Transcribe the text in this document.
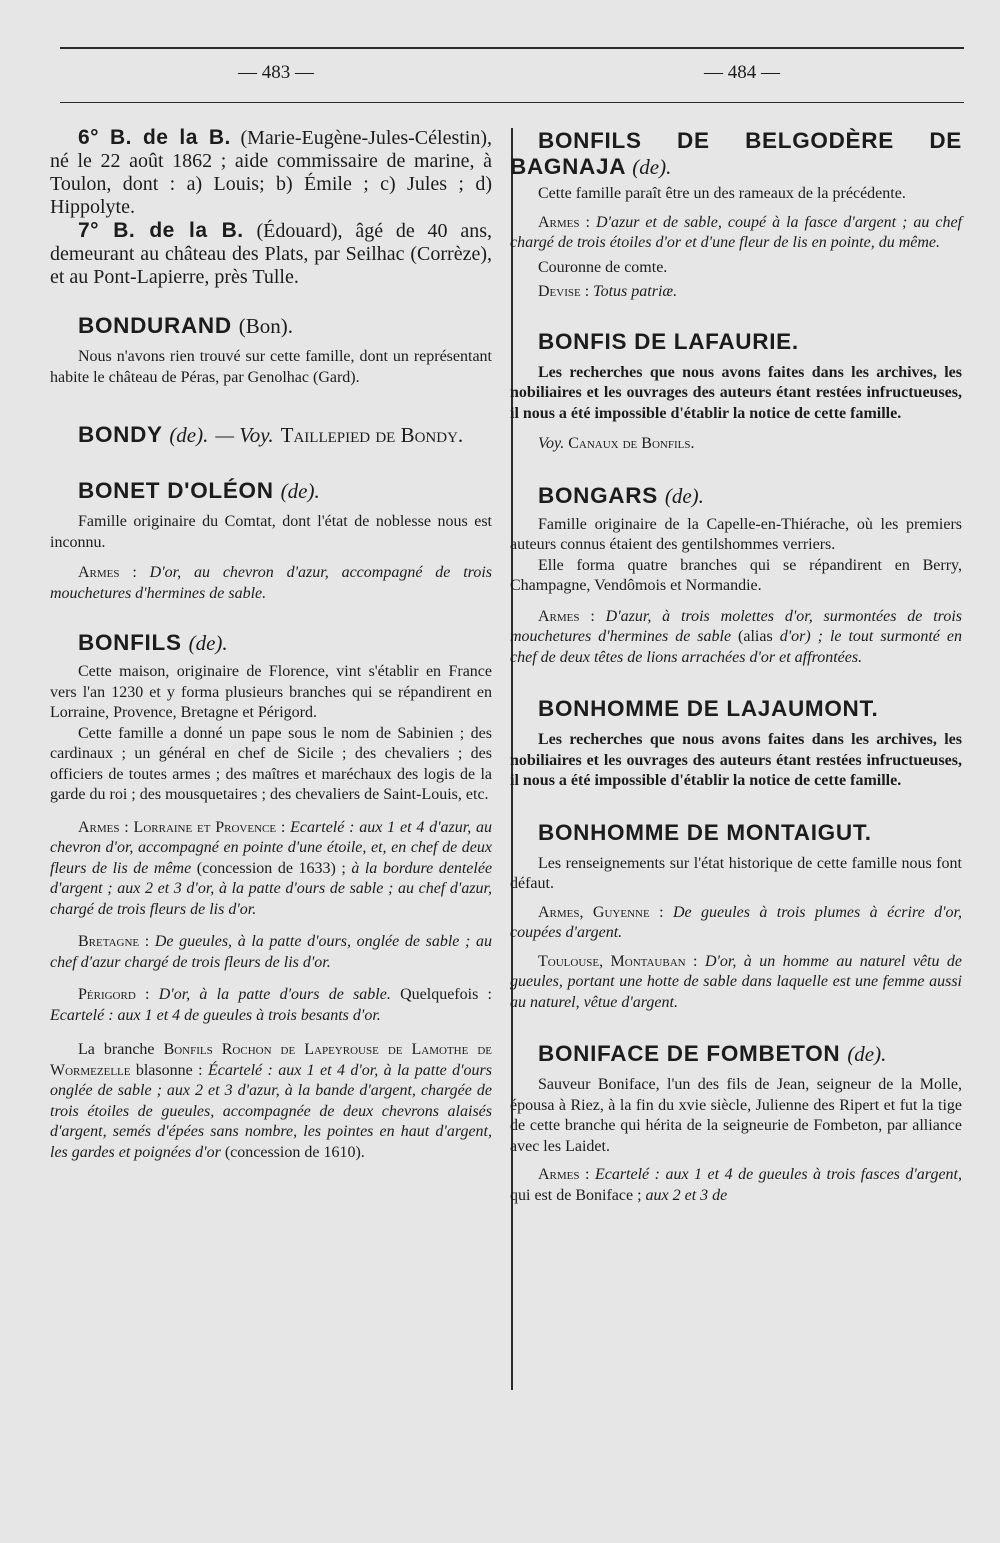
— 483 —	— 484 —

6° B. de la B. (Marie-Eugène-Jules-Célestin), né le 22 août 1862 ; aide commissaire de marine, à Toulon, dont : a) Louis; b) Émile ; c) Jules ; d) Hippolyte.

7° B. de la B. (Édouard), âgé de 40 ans, demeurant au château des Plats, par Seilhac (Corrèze), et au Pont-Lapierre, près Tulle.

BONDURAND (Bon).

Nous n'avons rien trouvé sur cette famille, dont un représentant habite le château de Péras, par Genolhac (Gard).

BONDY (de). — Voy. Taillepied de Bondy.

BONET D'OLÉON (de).

Famille originaire du Comtat, dont l'état de noblesse nous est inconnu.

Armes : D'or, au chevron d'azur, accompagné de trois mouchetures d'hermines de sable.

BONFILS (de).

Cette maison, originaire de Florence, vint s'établir en France vers l'an 1230 et y forma plusieurs branches qui se répandirent en Lorraine, Provence, Bretagne et Périgord.

Cette famille a donné un pape sous le nom de Sabinien ; des cardinaux ; un général en chef de Sicile ; des chevaliers ; des officiers de toutes armes ; des maîtres et maréchaux des logis de la garde du roi ; des mousquetaires ; des chevaliers de Saint-Louis, etc.

Armes : Lorraine et Provence : Ecartelé : aux 1 et 4 d'azur, au chevron d'or, accompagné en pointe d'une étoile, et, en chef de deux fleurs de lis de même (concession de 1633) ; à la bordure dentelée d'argent ; aux 2 et 3 d'or, à la patte d'ours de sable ; au chef d'azur, chargé de trois fleurs de lis d'or.

Bretagne : De gueules, à la patte d'ours, onglée de sable ; au chef d'azur chargé de trois fleurs de lis d'or.

Périgord : D'or, à la patte d'ours de sable. Quelquefois : Ecartelé : aux 1 et 4 de gueules à trois besants d'or.

La branche Bonfils Rochon de Lapeyrouse de Lamothe de Wormezelle blasonne : Écartelé : aux 1 et 4 d'or, à la patte d'ours onglée de sable ; aux 2 et 3 d'azur, à la bande d'argent, chargée de trois étoiles de gueules, accompagnée de deux chevrons alaisés d'argent, semés d'épées sans nombre, les pointes en haut d'argent, les gardes et poignées d'or (concession de 1610).

BONFILS DE BELGODÈRE DE BAGNAJA (de).

Cette famille paraît être un des rameaux de la précédente.

Armes : D'azur et de sable, coupé à la fasce d'argent ; au chef chargé de trois étoiles d'or et d'une fleur de lis en pointe, du même.

Couronne de comte.

Devise : Totus patriæ.

BONFIS DE LAFAURIE.

Les recherches que nous avons faites dans les archives, les nobiliaires et les ouvrages des auteurs étant restées infructueuses, il nous a été impossible d'établir la notice de cette famille.

Voy. Canaux de Bonfils.

BONGARS (de).

Famille originaire de la Capelle-en-Thiérache, où les premiers auteurs connus étaient des gentilshommes verriers.

Elle forma quatre branches qui se répandirent en Berry, Champagne, Vendômois et Normandie.

Armes : D'azur, à trois molettes d'or, surmontées de trois mouchetures d'hermines de sable (alias d'or) ; le tout surmonté en chef de deux têtes de lions arrachées d'or et affrontées.

BONHOMME DE LAJAUMONT.

Les recherches que nous avons faites dans les archives, les nobiliaires et les ouvrages des auteurs étant restées infructueuses, il nous a été impossible d'établir la notice de cette famille.

BONHOMME DE MONTAIGUT.

Les renseignements sur l'état historique de cette famille nous font défaut.

Armes, Guyenne : De gueules à trois plumes à écrire d'or, coupées d'argent.

Toulouse, Montauban : D'or, à un homme au naturel vêtu de gueules, portant une hotte de sable dans laquelle est une femme aussi au naturel, vêtue d'argent.

BONIFACE DE FOMBETON (de).

Sauveur Boniface, l'un des fils de Jean, seigneur de la Molle, épousa à Riez, à la fin du xvie siècle, Julienne des Ripert et fut la tige de cette branche qui hérita de la seigneurie de Fombeton, par alliance avec les Laidet.

Armes : Ecartelé : aux 1 et 4 de gueules à trois fasces d'argent, qui est de Boniface ; aux 2 et 3 de
